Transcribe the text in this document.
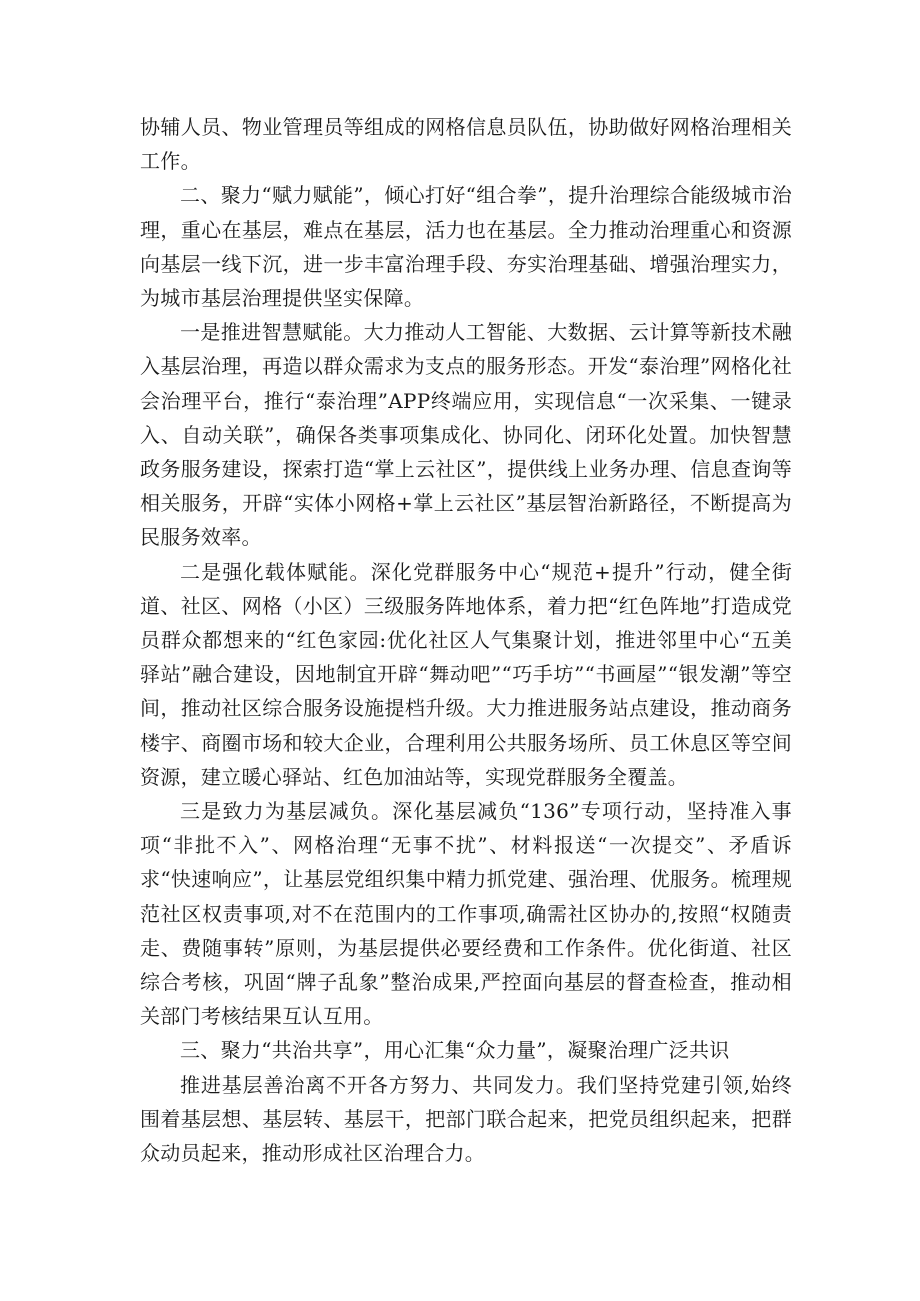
协辅人员、物业管理员等组成的网格信息员队伍，协助做好网格治理相关工作。

二、聚力“赋力赋能”，倾心打好“组合拳”，提升治理综合能级城市治理，重心在基层，难点在基层，活力也在基层。全力推动治理重心和资源向基层一线下沉，进一步丰富治理手段、夯实治理基础、增强治理实力，为城市基层治理提供坚实保障。

一是推进智慧赋能。大力推动人工智能、大数据、云计算等新技术融入基层治理，再造以群众需求为支点的服务形态。开发“泰治理”网格化社会治理平台，推行“泰治理”APP终端应用，实现信息“一次采集、一键录入、自动关联”，确保各类事项集成化、协同化、闭环化处置。加快智慧政务服务建设，探索打造“掌上云社区”，提供线上业务办理、信息查询等相关服务，开辟“实体小网格+掌上云社区”基层智治新路径，不断提高为民服务效率。

二是强化载体赋能。深化党群服务中心“规范+提升”行动，健全街道、社区、网格（小区）三级服务阵地体系，着力把“红色阵地”打造成党员群众都想来的“红色家园:优化社区人气集聚计划，推进邻里中心“五美驿站”融合建设，因地制宜开辟“舞动吧”“巧手坊”“书画屋”“银发潮”等空间，推动社区综合服务设施提档升级。大力推进服务站点建设，推动商务楼宇、商圈市场和较大企业，合理利用公共服务场所、员工休息区等空间资源，建立暖心驿站、红色加油站等，实现党群服务全覆盖。

三是致力为基层减负。深化基层减负“136”专项行动，坚持准入事项“非批不入”、网格治理“无事不扰”、材料报送“一次提交”、矛盾诉求“快速响应”，让基层党组织集中精力抓党建、强治理、优服务。梳理规范社区权责事项,对不在范围内的工作事项,确需社区协办的,按照“权随责走、费随事转”原则，为基层提供必要经费和工作条件。优化街道、社区综合考核，巩固“牌子乱象”整治成果,严控面向基层的督查检查，推动相关部门考核结果互认互用。

三、聚力“共治共享”，用心汇集“众力量”，凝聚治理广泛共识

推进基层善治离不开各方努力、共同发力。我们坚持党建引领,始终围着基层想、基层转、基层干，把部门联合起来，把党员组织起来，把群众动员起来，推动形成社区治理合力。
